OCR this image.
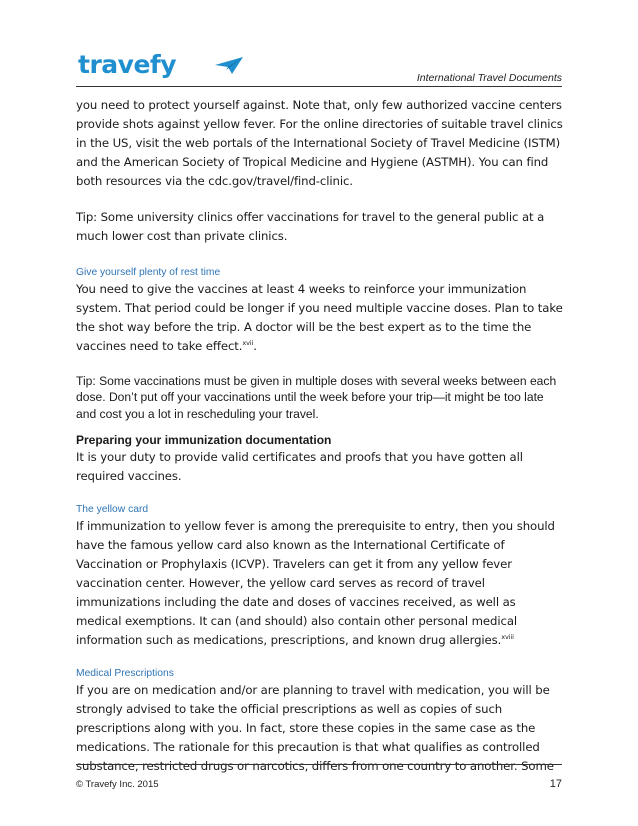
travefy	International Travel Documents

you need to protect yourself against. Note that, only few authorized vaccine centers provide shots against yellow fever. For the online directories of suitable travel clinics in the US, visit the web portals of the International Society of Travel Medicine (ISTM) and the American Society of Tropical Medicine and Hygiene (ASTMH). You can find both resources via the cdc.gov/travel/find-clinic.

Tip: Some university clinics offer vaccinations for travel to the general public at a much lower cost than private clinics.

Give yourself plenty of rest time

You need to give the vaccines at least 4 weeks to reinforce your immunization system. That period could be longer if you need multiple vaccine doses. Plan to take the shot way before the trip. A doctor will be the best expert as to the time the vaccines need to take effect.$^{xvii}$.

Tip: Some vaccinations must be given in multiple doses with several weeks between each dose. Don’t put off your vaccinations until the week before your trip—it might be too late and cost you a lot in rescheduling your travel.

Preparing your immunization documentation

It is your duty to provide valid certificates and proofs that you have gotten all required vaccines.

The yellow card

If immunization to yellow fever is among the prerequisite to entry, then you should have the famous yellow card also known as the International Certificate of Vaccination or Prophylaxis (ICVP). Travelers can get it from any yellow fever vaccination center. However, the yellow card serves as record of travel immunizations including the date and doses of vaccines received, as well as medical exemptions. It can (and should) also contain other personal medical information such as medications, prescriptions, and known drug allergies.$^{xviii}$

Medical Prescriptions

If you are on medication and/or are planning to travel with medication, you will be strongly advised to take the official prescriptions as well as copies of such prescriptions along with you. In fact, store these copies in the same case as the medications. The rationale for this precaution is that what qualifies as controlled substance, restricted drugs or narcotics, differs from one country to another. Some

© Travefy Inc. 2015	17
